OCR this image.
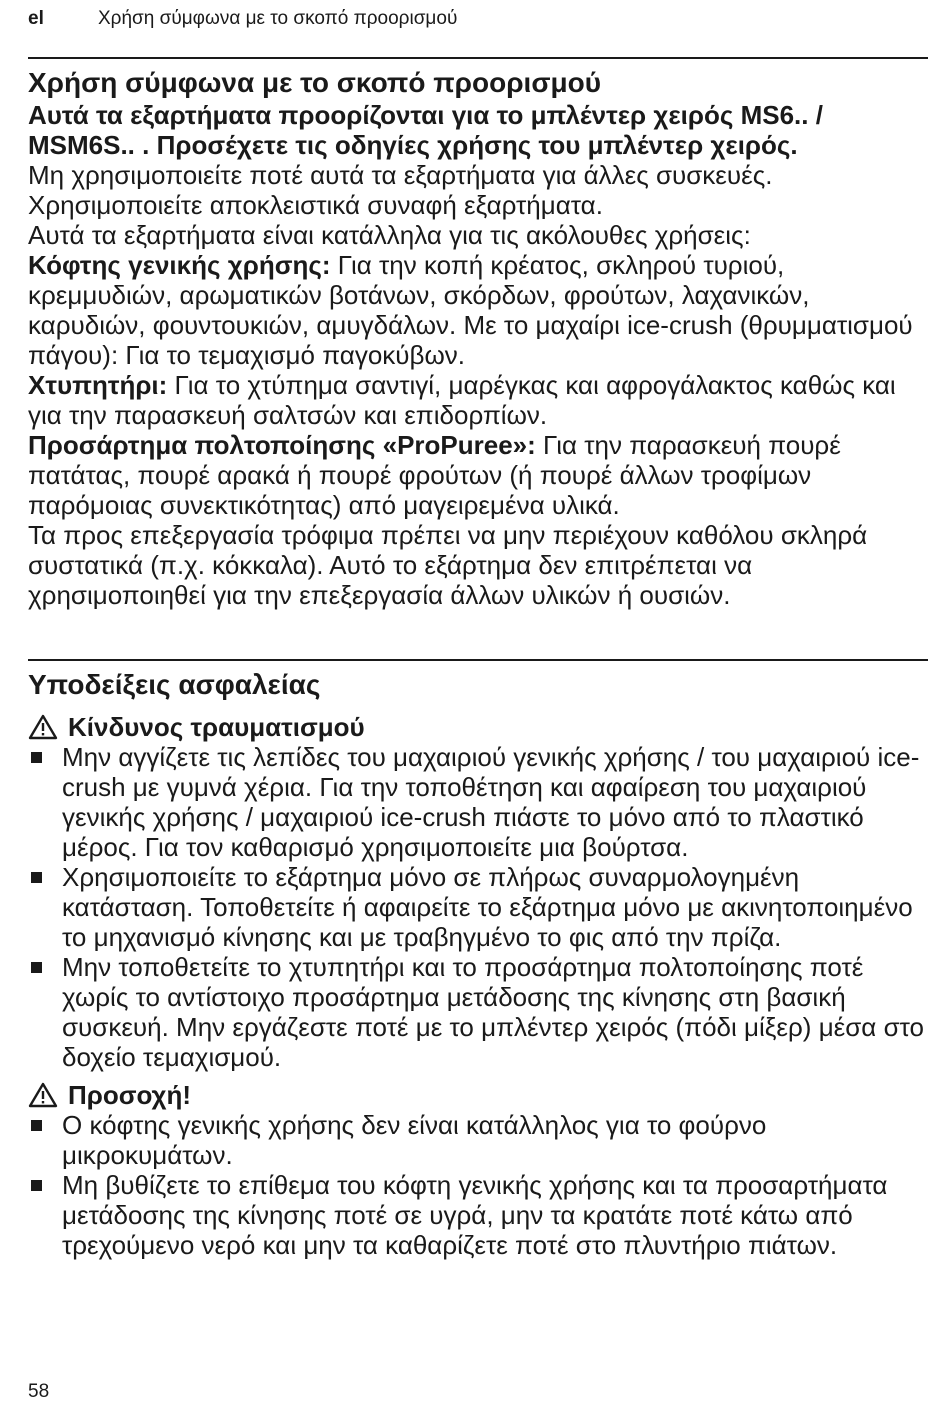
el	Χρήση σύμφωνα με το σκοπό προορισμού
Χρήση σύμφωνα με το σκοπό προορισμού

Αυτά τα εξαρτήματα προορίζονται για το μπλέντερ χειρός MS6.. / MSM6S.. . Προσέχετε τις οδηγίες χρήσης του μπλέντερ χειρός.

Μη χρησιμοποιείτε ποτέ αυτά τα εξαρτήματα για άλλες συσκευές.

Χρησιμοποιείτε αποκλειστικά συναφή εξαρτήματα.

Αυτά τα εξαρτήματα είναι κατάλληλα για τις ακόλουθες χρήσεις:

Κόφτης γενικής χρήσης: Για την κοπή κρέατος, σκληρού τυριού, κρεμμυδιών, αρωματικών βοτάνων, σκόρδων, φρούτων, λαχανικών, καρυδιών, φουντουκιών, αμυγδάλων. Με το μαχαίρι ice-crush (θρυμματισμού πάγου): Για το τεμαχισμό παγοκύβων.

Χτυπητήρι: Για το χτύπημα σαντιγί, μαρέγκας και αφρογάλακτος καθώς και για την παρασκευή σαλτσών και επιδορπίων.

Προσάρτημα πολτοποίησης «ProPuree»: Για την παρασκευή πουρέ πατάτας, πουρέ αρακά ή πουρέ φρούτων (ή πουρέ άλλων τροφίμων παρόμοιας συνεκτικότητας) από μαγειρεμένα υλικά.

Τα προς επεξεργασία τρόφιμα πρέπει να μην περιέχουν καθόλου σκληρά συστατικά (π.χ. κόκκαλα). Αυτό το εξάρτημα δεν επιτρέπεται να χρησιμοποιηθεί για την επεξεργασία άλλων υλικών ή ουσιών.

Υποδείξεις ασφαλείας
Κίνδυνος τραυματισμού
Μην αγγίζετε τις λεπίδες του μαχαιριού γενικής χρήσης / του μαχαιριού ice-crush με γυμνά χέρια. Για την τοποθέτηση και αφαίρεση του μαχαιριού γενικής χρήσης / μαχαιριού ice-crush πιάστε το μόνο από το πλαστικό μέρος. Για τον καθαρισμό χρησιμοποιείτε μια βούρτσα.
Χρησιμοποιείτε το εξάρτημα μόνο σε πλήρως συναρμολογημένη κατάσταση. Τοποθετείτε ή αφαιρείτε το εξάρτημα μόνο με ακινητοποιημένο το μηχανισμό κίνησης και με τραβηγμένο το φις από την πρίζα.
Μην τοποθετείτε το χτυπητήρι και το προσάρτημα πολτοποίησης ποτέ χωρίς το αντίστοιχο προσάρτημα μετάδοσης της κίνησης στη βασική συσκευή. Μην εργάζεστε ποτέ με το μπλέντερ χειρός (πόδι μίξερ) μέσα στο δοχείο τεμαχισμού.
Προσοχή!
Ο κόφτης γενικής χρήσης δεν είναι κατάλληλος για το φούρνο μικροκυμάτων.
Μη βυθίζετε το επίθεμα του κόφτη γενικής χρήσης και τα προσαρτήματα μετάδοσης της κίνησης ποτέ σε υγρά, μην τα κρατάτε ποτέ κάτω από τρεχούμενο νερό και μην τα καθαρίζετε ποτέ στο πλυντήριο πιάτων.
58
